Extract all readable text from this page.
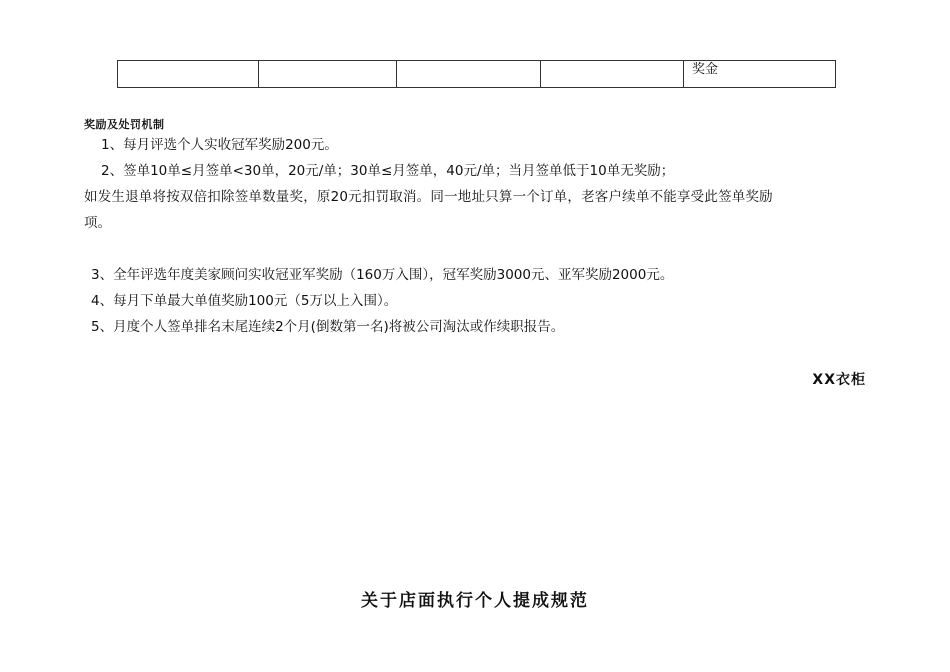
				奖金
奖励及处罚机制
1、每月评选个人实收冠军奖励200元。
2、签单10单≤月签单<30单，20元/单；30单≤月签单，40元/单；当月签单低于10单无奖励；
如发生退单将按双倍扣除签单数量奖，原20元扣罚取消。同一地址只算一个订单，老客户续单不能享受此签单奖励
项。
3、全年评选年度美家顾问实收冠亚军奖励（160万入围），冠军奖励3000元、亚军奖励2000元。
4、每月下单最大单值奖励100元（5万以上入围）。
5、月度个人签单排名末尾连续2个月(倒数第一名)将被公司淘汰或作续职报告。
XX衣柜
关于店面执行个人提成规范
